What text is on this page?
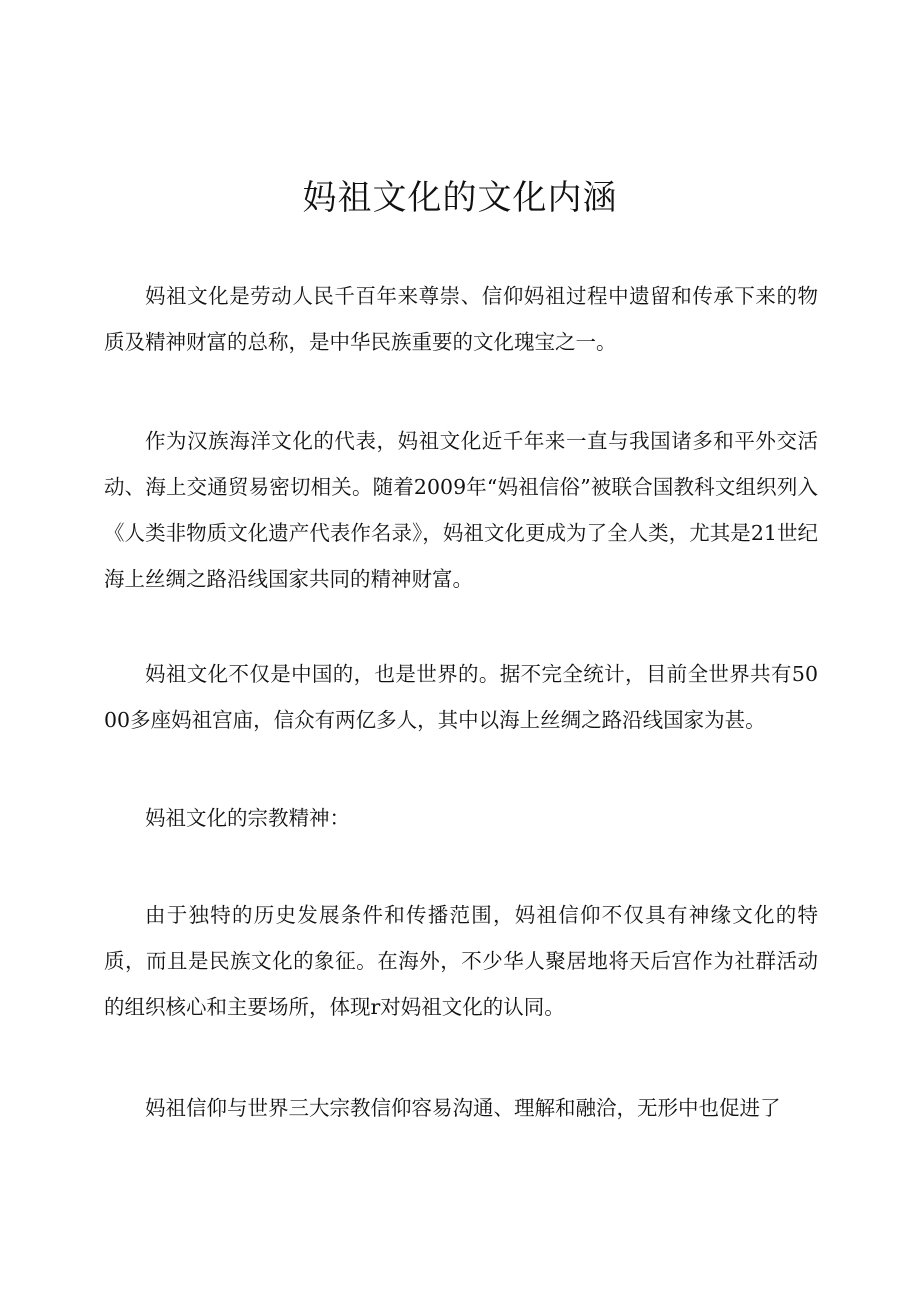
妈祖文化的文化内涵

妈祖文化是劳动人民千百年来尊崇、信仰妈祖过程中遗留和传承下来的物质及精神财富的总称，是中华民族重要的文化瑰宝之一。

作为汉族海洋文化的代表，妈祖文化近千年来一直与我国诸多和平外交活动、海上交通贸易密切相关。随着2009年“妈祖信俗”被联合国教科文组织列入《人类非物质文化遗产代表作名录》，妈祖文化更成为了全人类，尤其是21世纪海上丝绸之路沿线国家共同的精神财富。

妈祖文化不仅是中国的，也是世界的。据不完全统计，目前全世界共有5000多座妈祖宫庙，信众有两亿多人，其中以海上丝绸之路沿线国家为甚。

妈祖文化的宗教精神：

由于独特的历史发展条件和传播范围，妈祖信仰不仅具有神缘文化的特质，而且是民族文化的象征。在海外，不少华人聚居地将天后宫作为社群活动的组织核心和主要场所，体现r对妈祖文化的认同。

妈祖信仰与世界三大宗教信仰容易沟通、理解和融洽，无形中也促进了
